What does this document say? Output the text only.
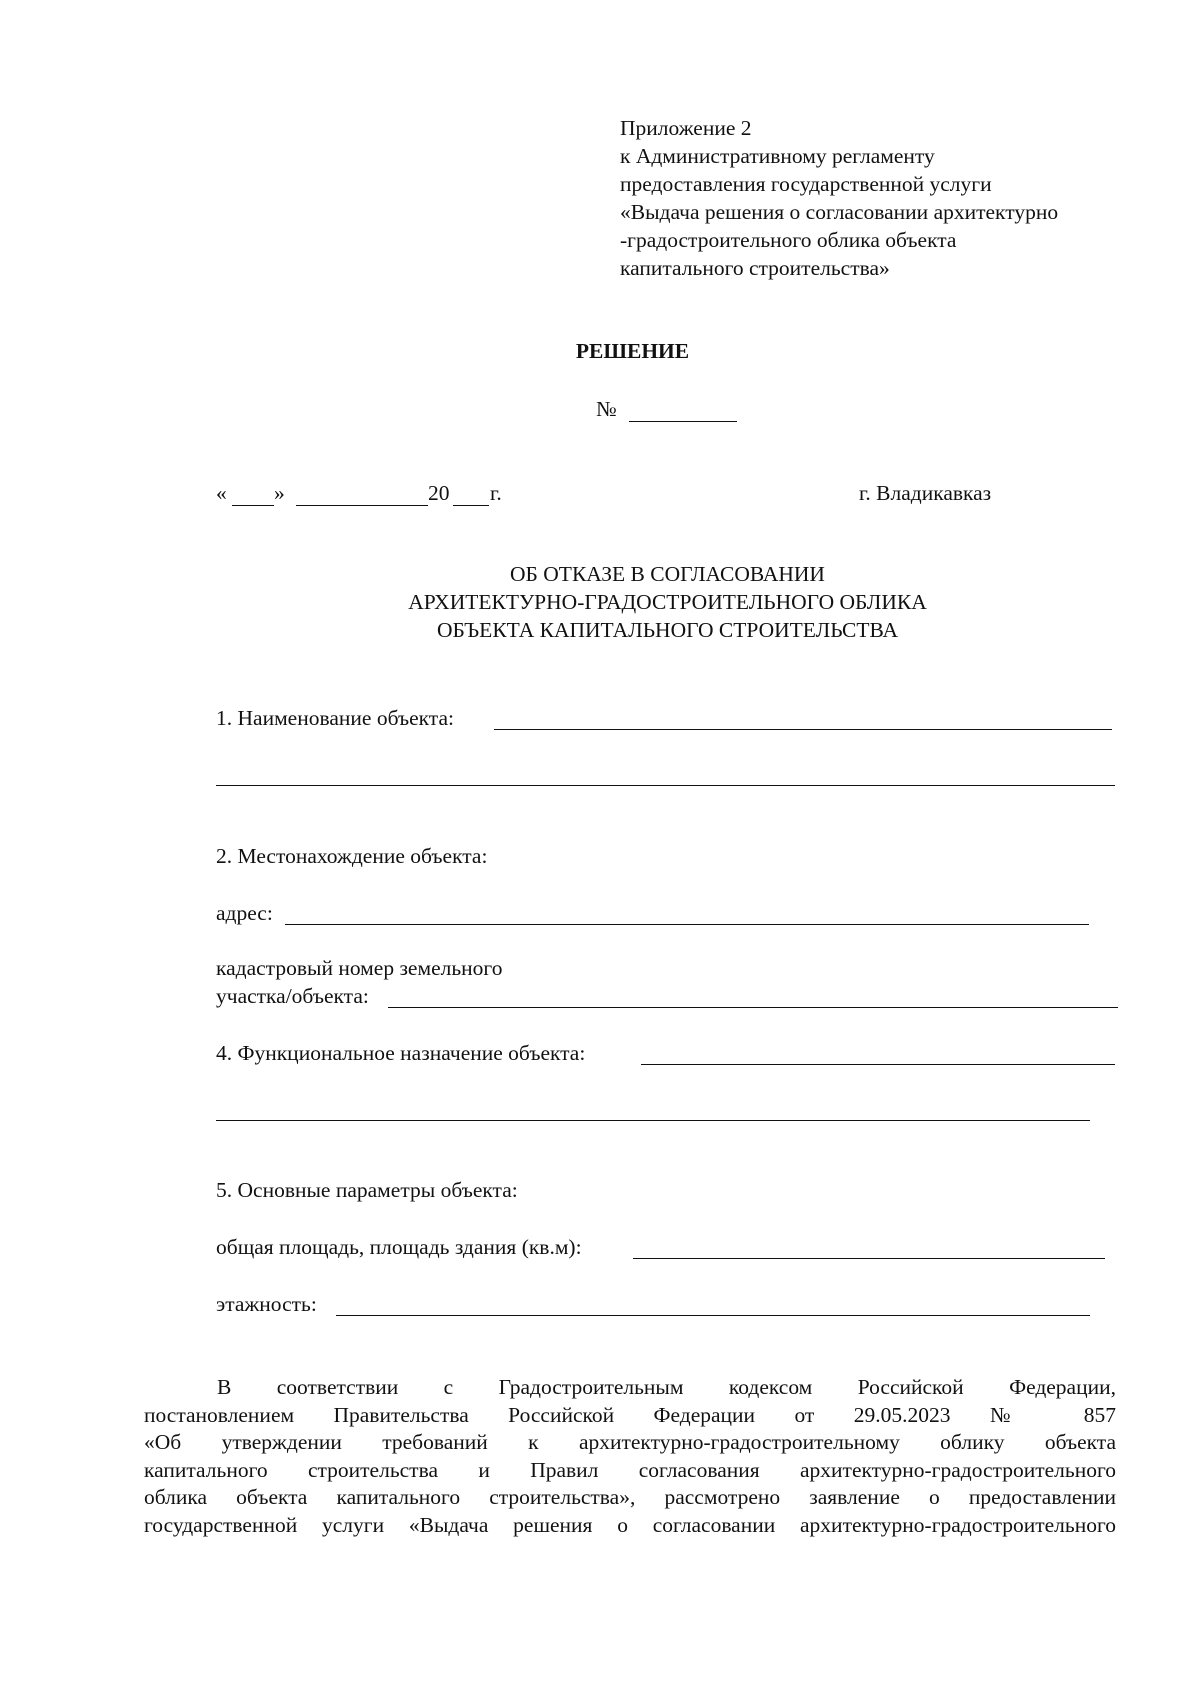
Приложение 2
к Административному регламенту
предоставления государственной услуги
«Выдача решения о согласовании архитектурно
-градостроительного облика объекта
капитального строительства»
РЕШЕНИЕ
№
« »	20 г.	г. Владикавказ
ОБ ОТКАЗЕ В СОГЛАСОВАНИИ
АРХИТЕКТУРНО-ГРАДОСТРОИТЕЛЬНОГО ОБЛИКА
ОБЪЕКТА КАПИТАЛЬНОГО СТРОИТЕЛЬСТВА
1. Наименование объекта:
2. Местонахождение объекта:
адрес:
кадастровый номер земельного
участка/объекта:
4. Функциональное назначение объекта:
5. Основные параметры объекта:
общая площадь, площадь здания (кв.м):
этажность:
В соответствии с Градостроительным кодексом Российской Федерации,
постановлением Правительства Российской Федерации от 29.05.2023 № 857
«Об утверждении требований к архитектурно-градостроительному облику объекта
капитального строительства и Правил согласования архитектурно-градостроительного
облика объекта капитального строительства», рассмотрено заявление о предоставлении
государственной услуги «Выдача решения о согласовании архитектурно-градостроительного
